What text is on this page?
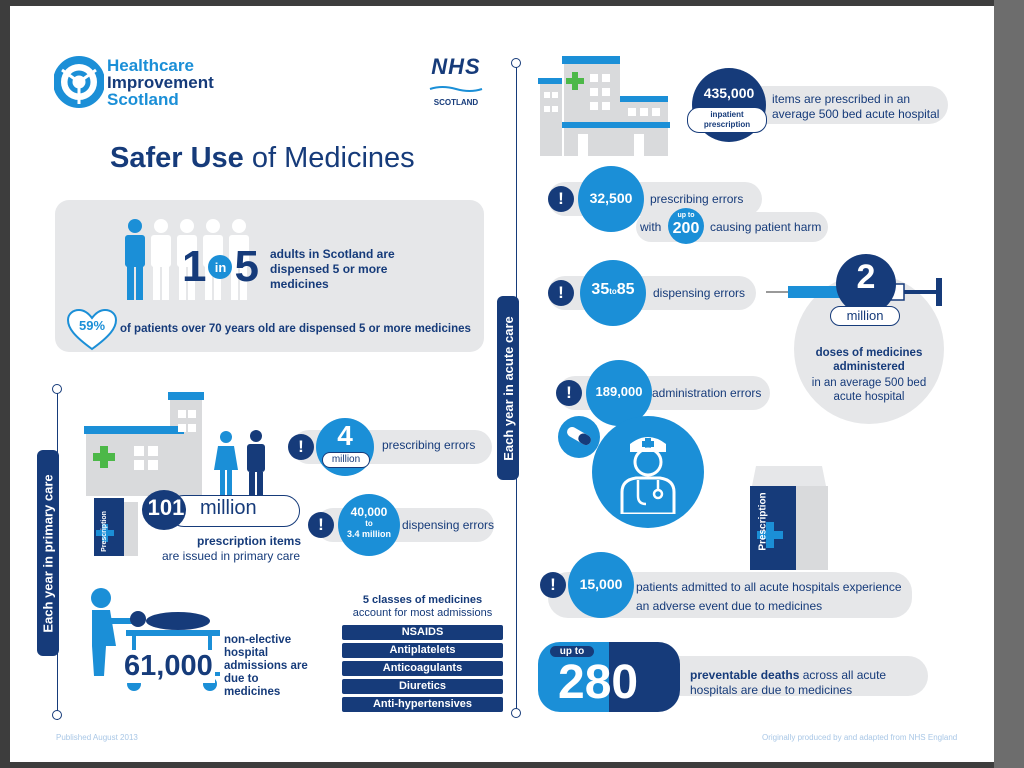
Healthcare
Improvement
Scotland
NHS
SCOTLAND
Safer Use of Medicines
1 in 5 adults in Scotland are dispensed 5 or more medicines
59%	of patients over 70 years old are dispensed 5 or more medicines
Each year in primary care	Prescription
101 million
prescription items
are issued in primary care
!	4
million
prescribing errors
!
40,000
to
3.4 million
dispensing errors
61,000
non-elective hospital admissions are due to medicines
5 classes of medicines
account for most admissions
NSAIDS
Antiplatelets
Anticoagulants
Diuretics
Anti-hypertensives
Each year in acute care
435,000
inpatient prescription
items are prescribed in an average 500 bed acute hospital
!	32,500	prescribing errors
with
up to
200 causing patient harm
!	35to85	dispensing errors	2
million
doses of medicines administered
in an average 500 bed acute hospital
!	189,000 administration errors
Prescription
!	15,000	patients admitted to all acute hospitals experience an adverse event due to medicines
up to
280	preventable deaths across all acute hospitals are due to medicines
Published August 2013	Originally produced by and adapted from NHS England
